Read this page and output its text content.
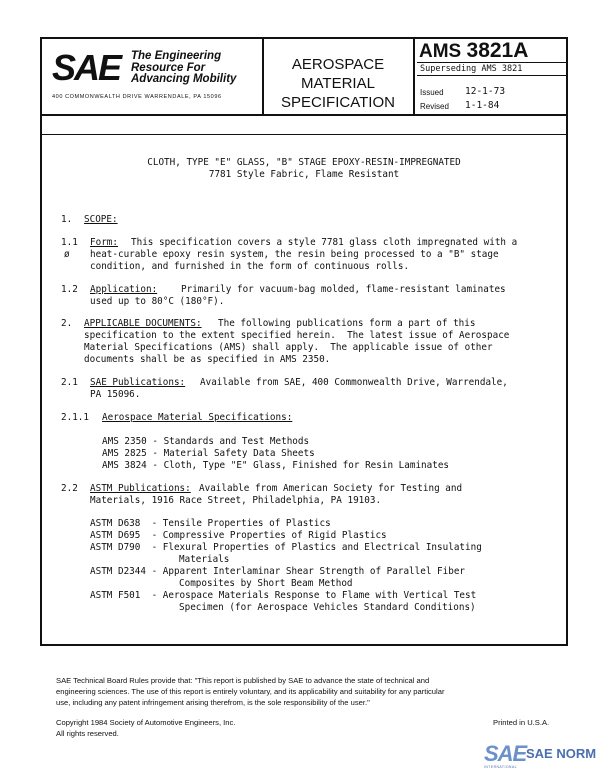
SAE The Engineering
Resource For
Advancing Mobility
400 COMMONWEALTH DRIVE WARRENDALE, PA 15096
AEROSPACE
MATERIAL
SPECIFICATION
AMS 3821A
Superseding AMS 3821
Issued 12-1-73
Revised 1-1-84
CLOTH, TYPE "E" GLASS, "B" STAGE EPOXY-RESIN-IMPREGNATED
7781 Style Fabric, Flame Resistant
1. SCOPE:
1.1
ø
Form: This specification covers a style 7781 glass cloth impregnated with a
heat-curable epoxy resin system, the resin being processed to a "B" stage
condition, and furnished in the form of continuous rolls.
1.2 Application:	Primarily for vacuum-bag molded, flame-resistant laminates
used up to 80°C (180°F).
2. APPLICABLE DOCUMENTS: The following publications form a part of this
specification to the extent specified herein.  The latest issue of Aerospace
Material Specifications (AMS) shall apply.  The applicable issue of other
documents shall be as specified in AMS 2350.
2.1 SAE Publications: Available from SAE, 400 Commonwealth Drive, Warrendale,
PA 15096.
2.1.1 Aerospace Material Specifications:
AMS 2350 - Standards and Test Methods
AMS 2825 - Material Safety Data Sheets
AMS 3824 - Cloth, Type "E" Glass, Finished for Resin Laminates
2.2 ASTM Publications: Available from American Society for Testing and
Materials, 1916 Race Street, Philadelphia, PA 19103.
ASTM D638  - Tensile Properties of Plastics
ASTM D695  - Compressive Properties of Rigid Plastics
ASTM D790  - Flexural Properties of Plastics and Electrical Insulating
Materials
ASTM D2344 - Apparent Interlaminar Shear Strength of Parallel Fiber
Composites by Short Beam Method
ASTM F501  - Aerospace Materials Response to Flame with Vertical Test
Specimen (for Aerospace Vehicles Standard Conditions)
SAE Technical Board Rules provide that: "This report is published by SAE to advance the state of technical and
engineering sciences. The use of this report is entirely voluntary, and its applicability and suitability for any particular
use, including any patent infringement arising therefrom, is the sole responsibility of the user."
Copyright 1984 Society of Automotive Engineers, Inc.
All rights reserved.
Printed in U.S.A.
SAE SAE NORM
INTERNATIONAL
